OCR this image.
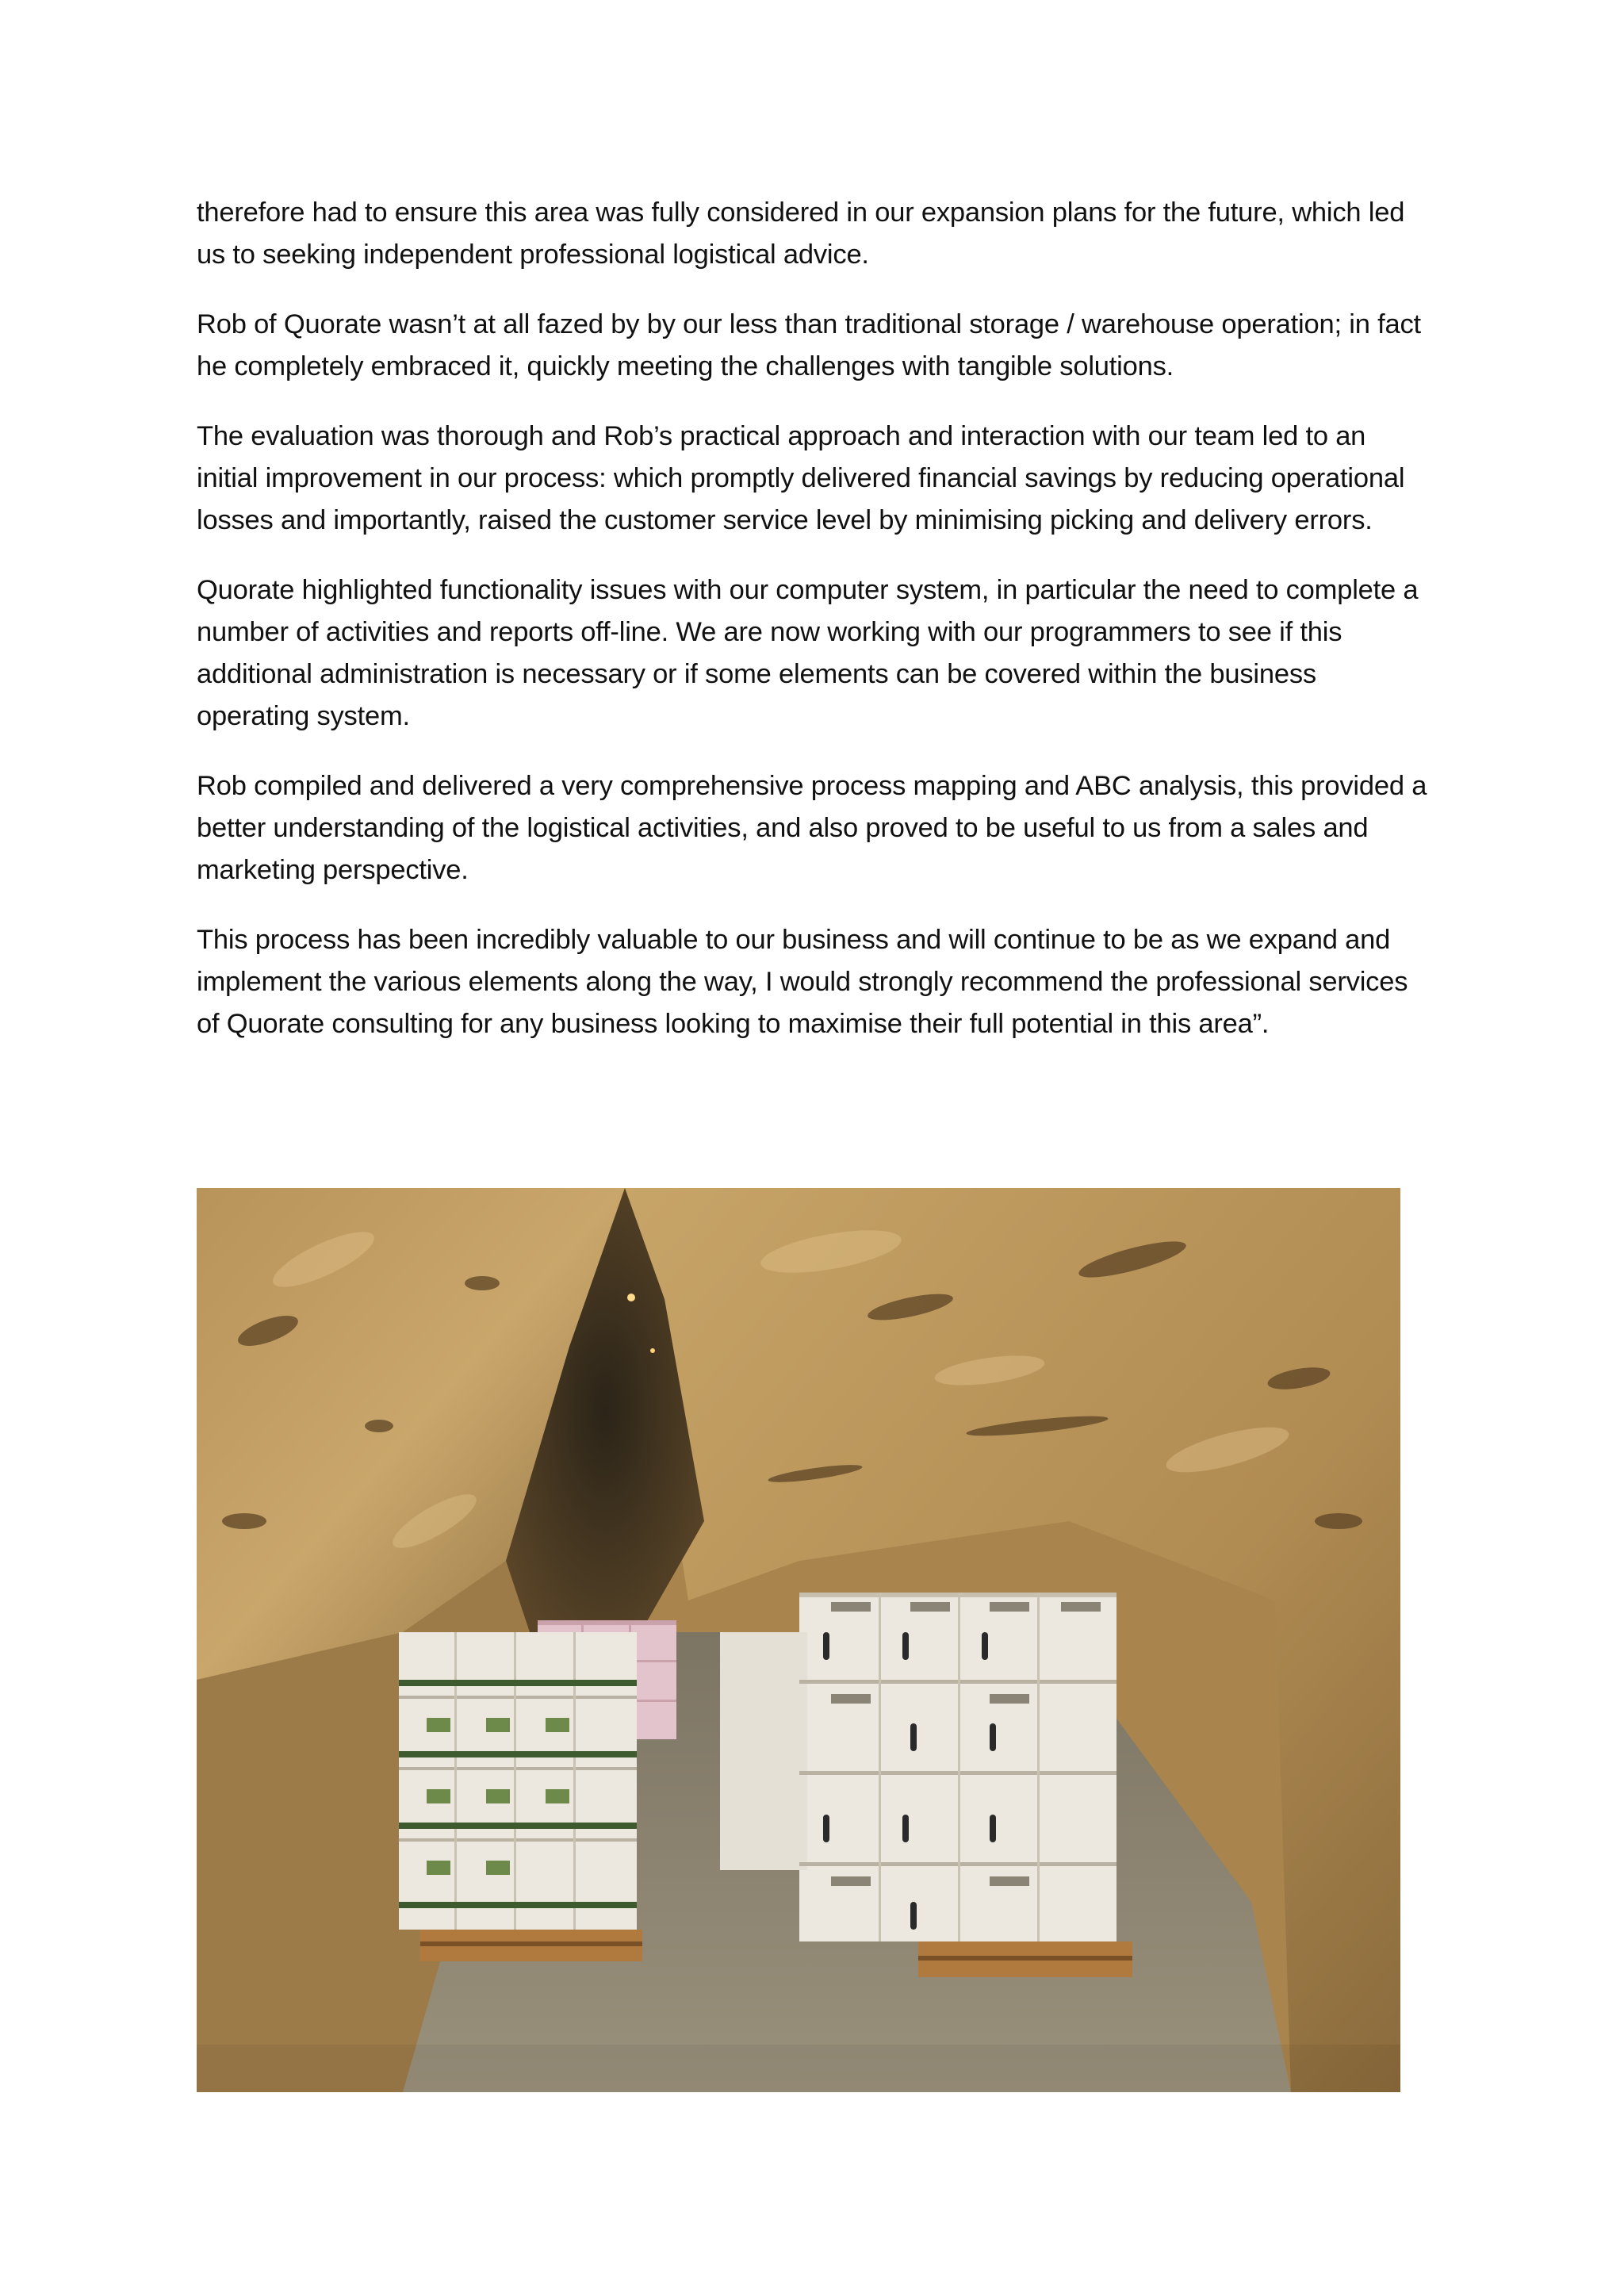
therefore had to ensure this area was fully considered in our expansion plans for the future, which led us to seeking independent professional logistical advice.

Rob of Quorate wasn’t at all fazed by by our less than traditional storage / warehouse operation; in fact he completely embraced it, quickly meeting the challenges with tangible solutions.

The evaluation was thorough and Rob’s practical approach and interaction with our team led to an initial improvement in our process: which promptly delivered financial savings by reducing operational losses and importantly, raised the customer service level by minimising picking and delivery errors.

Quorate highlighted functionality issues with our computer system, in particular the need to complete a number of activities and reports off-line. We are now working with our programmers to see if this additional administration is necessary or if some elements can be covered within the business operating system.

Rob compiled and delivered a very comprehensive process mapping and ABC analysis, this provided a better understanding of the logistical activities, and also proved to be useful to us from a sales and marketing perspective.

This process has been incredibly valuable to our business and will continue to be as we expand and implement the various elements along the way, I would strongly recommend the professional services of Quorate consulting for any business looking to maximise their full potential in this area”.
